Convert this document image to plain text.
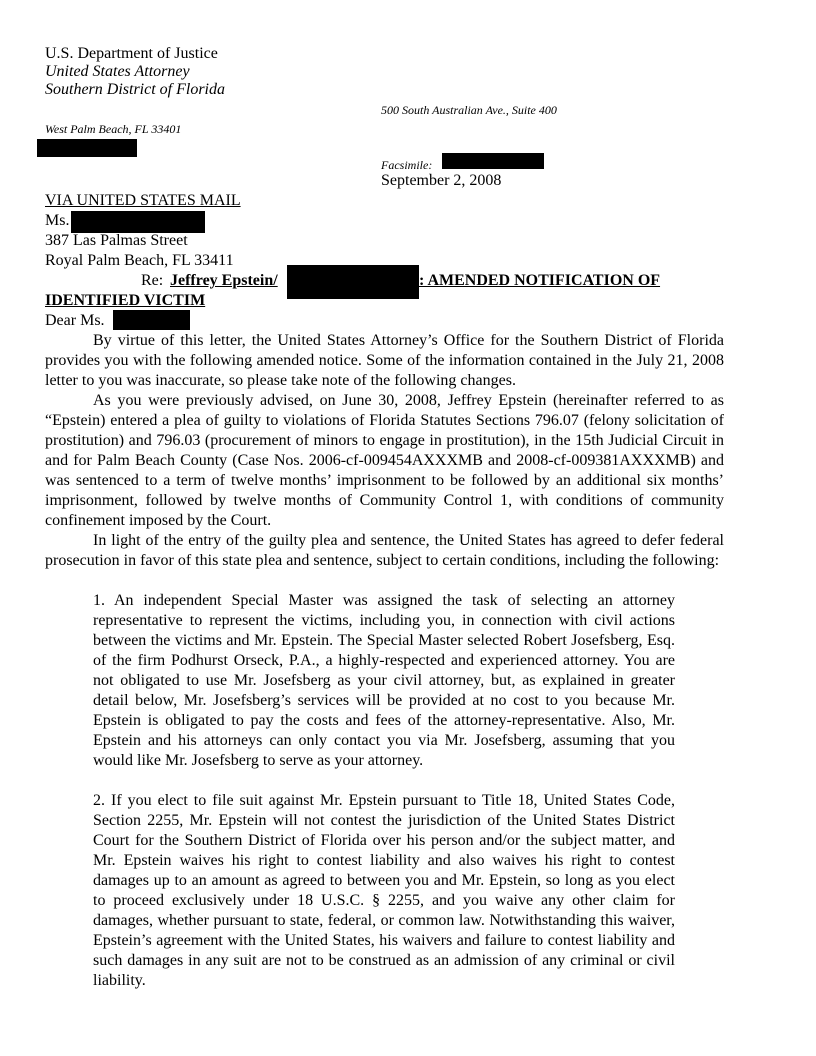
U.S. Department of Justice
United States Attorney
Southern District of Florida
500 South Australian Ave., Suite 400
West Palm Beach, FL 33401
Facsimile:
September 2, 2008
VIA UNITED STATES MAIL
Ms.
387 Las Palmas Street
Royal Palm Beach, FL 33411
Re: Jeffrey Epstein/	: AMENDED NOTIFICATION OF
IDENTIFIED VICTIM
Dear Ms.

By virtue of this letter, the United States Attorney’s Office for the Southern District of Florida provides you with the following amended notice. Some of the information contained in the July 21, 2008 letter to you was inaccurate, so please take note of the following changes.

As you were previously advised, on June 30, 2008, Jeffrey Epstein (hereinafter referred to as “Epstein) entered a plea of guilty to violations of Florida Statutes Sections 796.07 (felony solicitation of prostitution) and 796.03 (procurement of minors to engage in prostitution), in the 15th Judicial Circuit in and for Palm Beach County (Case Nos. 2006-cf-009454AXXXMB and 2008-cf-009381AXXXMB) and was sentenced to a term of twelve months’ imprisonment to be followed by an additional six months’ imprisonment, followed by twelve months of Community Control 1, with conditions of community confinement imposed by the Court.

In light of the entry of the guilty plea and sentence, the United States has agreed to defer federal prosecution in favor of this state plea and sentence, subject to certain conditions, including the following:

1. An independent Special Master was assigned the task of selecting an attorney representative to represent the victims, including you, in connection with civil actions between the victims and Mr. Epstein. The Special Master selected Robert Josefsberg, Esq. of the firm Podhurst Orseck, P.A., a highly-respected and experienced attorney. You are not obligated to use Mr. Josefsberg as your civil attorney, but, as explained in greater detail below, Mr. Josefsberg’s services will be provided at no cost to you because Mr. Epstein is obligated to pay the costs and fees of the attorney-representative. Also, Mr. Epstein and his attorneys can only contact you via Mr. Josefsberg, assuming that you would like Mr. Josefsberg to serve as your attorney.

2. If you elect to file suit against Mr. Epstein pursuant to Title 18, United States Code, Section 2255, Mr. Epstein will not contest the jurisdiction of the United States District Court for the Southern District of Florida over his person and/or the subject matter, and Mr. Epstein waives his right to contest liability and also waives his right to contest damages up to an amount as agreed to between you and Mr. Epstein, so long as you elect to proceed exclusively under 18 U.S.C. § 2255, and you waive any other claim for damages, whether pursuant to state, federal, or common law. Notwithstanding this waiver, Epstein’s agreement with the United States, his waivers and failure to contest liability and such damages in any suit are not to be construed as an admission of any criminal or civil liability.
